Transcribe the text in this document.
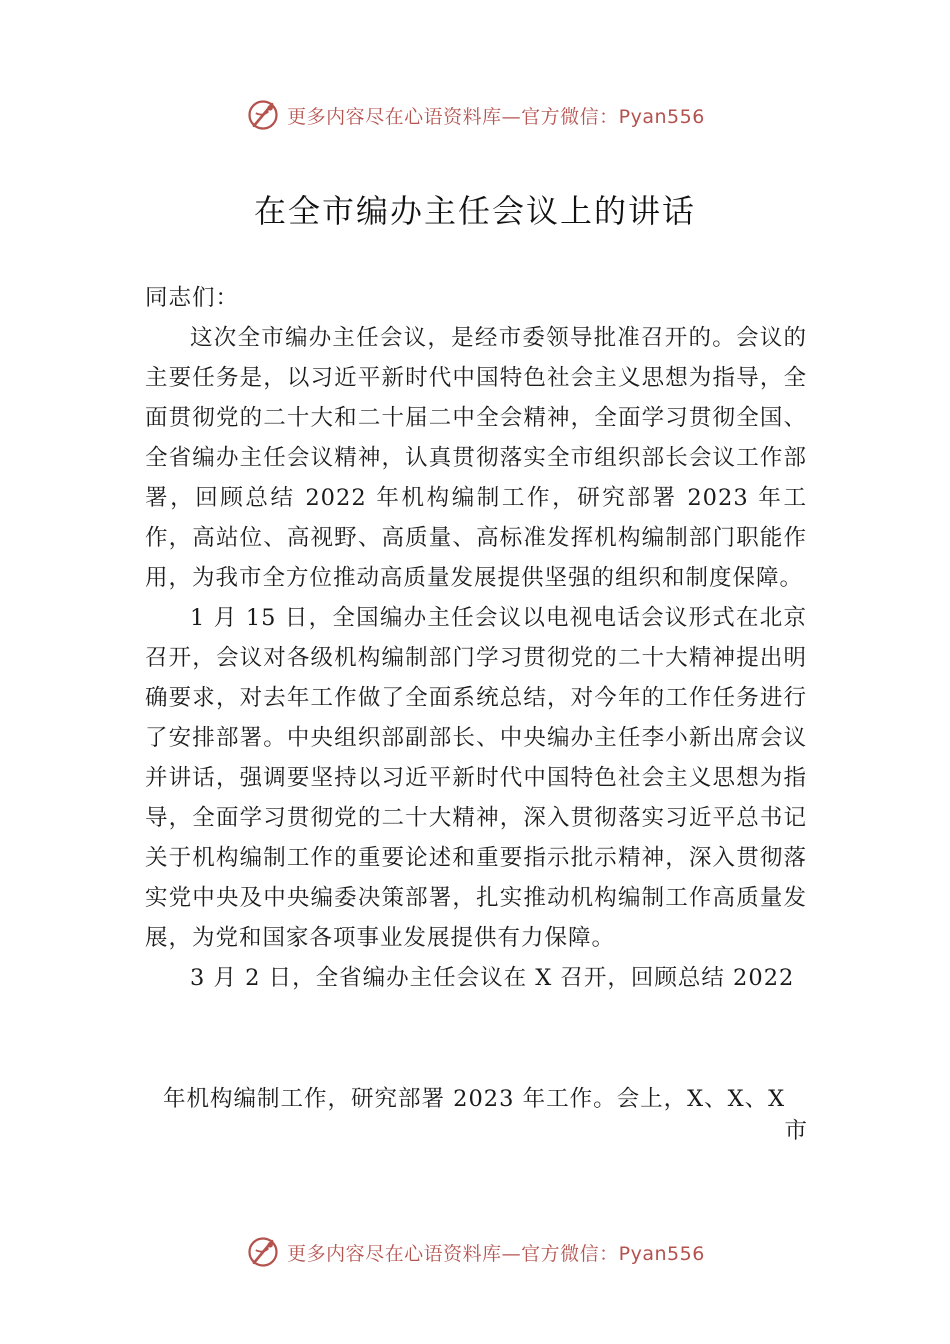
更多内容尽在心语资料库—官方微信：Pyan556
在全市编办主任会议上的讲话

同志们：

这次全市编办主任会议，是经市委领导批准召开的。会议的主要任务是，以习近平新时代中国特色社会主义思想为指导，全面贯彻党的二十大和二十届二中全会精神，全面学习贯彻全国、全省编办主任会议精神，认真贯彻落实全市组织部长会议工作部署，回顾总结 2022 年机构编制工作，研究部署 2023 年工作，高站位、高视野、高质量、高标准发挥机构编制部门职能作用，为我市全方位推动高质量发展提供坚强的组织和制度保障。

1 月 15 日，全国编办主任会议以电视电话会议形式在北京召开，会议对各级机构编制部门学习贯彻党的二十大精神提出明确要求，对去年工作做了全面系统总结，对今年的工作任务进行了安排部署。中央组织部副部长、中央编办主任李小新出席会议并讲话，强调要坚持以习近平新时代中国特色社会主义思想为指导，全面学习贯彻党的二十大精神，深入贯彻落实习近平总书记关于机构编制工作的重要论述和重要指示批示精神，深入贯彻落实党中央及中央编委决策部署，扎实推动机构编制工作高质量发展，为党和国家各项事业发展提供有力保障。

3 月 2 日，全省编办主任会议在 X 召开，回顾总结 2022

年机构编制工作，研究部署 2023 年工作。会上，X、X、X
市
更多内容尽在心语资料库—官方微信：Pyan556
